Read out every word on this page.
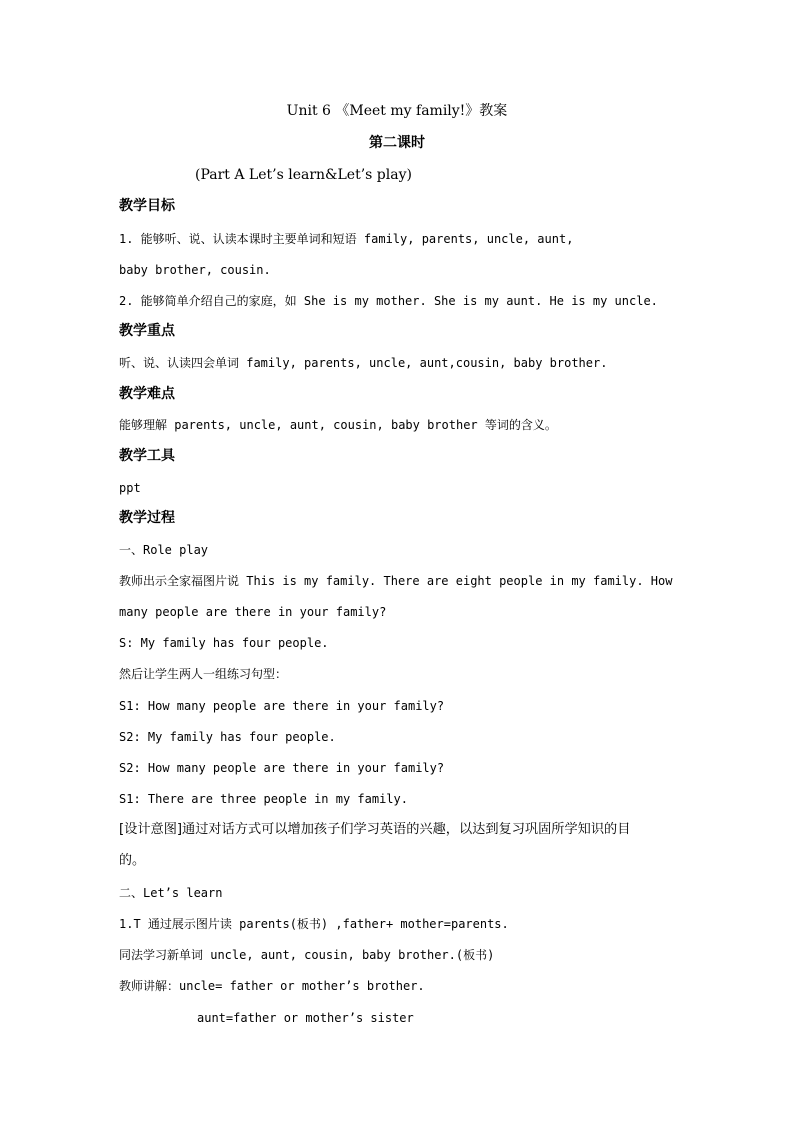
Unit 6 《Meet my family!》教案
第二课时
(Part A Let’s learn&Let’s play)
教学目标
1. 能够听、说、认读本课时主要单词和短语 family, parents, uncle, aunt,
baby brother, cousin.
2. 能够简单介绍自己的家庭，如 She is my mother. She is my aunt. He is my uncle.
教学重点
听、说、认读四会单词 family, parents, uncle, aunt,cousin, baby brother.
教学难点
能够理解 parents, uncle, aunt, cousin, baby brother 等词的含义。
教学工具
ppt
教学过程
一、Role play
教师出示全家福图片说 This is my family. There are eight people in my family. How
many people are there in your family?
S: My family has four people.
然后让学生两人一组练习句型：
S1: How many people are there in your family?
S2: My family has four people.
S2: How many people are there in your family?
S1: There are three people in my family.
[设计意图]通过对话方式可以增加孩子们学习英语的兴趣，以达到复习巩固所学知识的目
的。
二、Let’s learn
1.T 通过展示图片读 parents(板书) ,father+ mother=parents.
同法学习新单词 uncle, aunt, cousin, baby brother.(板书)
教师讲解：uncle= father or mother’s brother.
aunt=father or mother’s sister
